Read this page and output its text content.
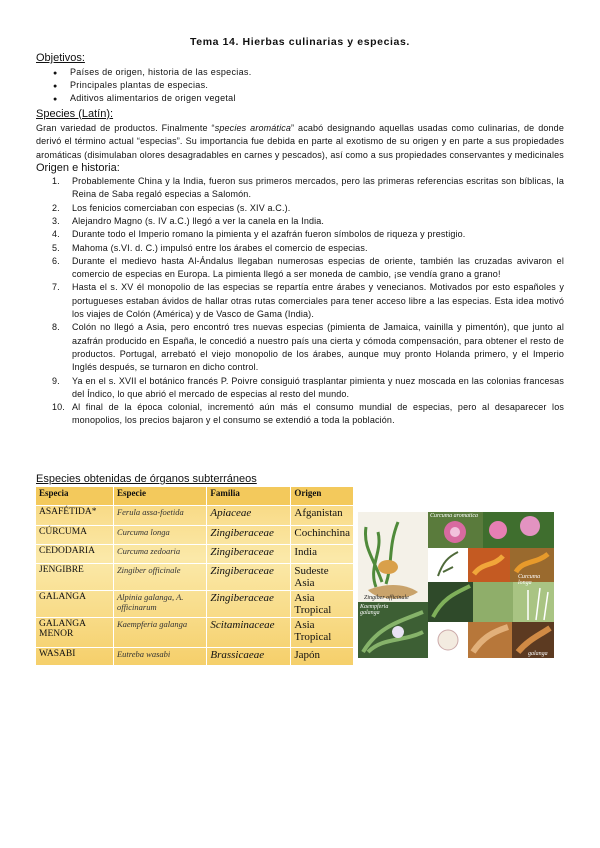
Tema 14. Hierbas culinarias y especias.

Objetivos:

● Países de origen, historia de las especias.
● Principales plantas de especias.
● Aditivos alimentarios de origen vegetal

Species (Latín):

Gran variedad de productos. Finalmente “species aromática” acabó designando aquellas usadas como culinarias, de donde derivó el término actual “especias”. Su importancia fue debida en parte al exotismo de su origen y en parte a sus propiedades aromáticas (disimulaban olores desagradables en carnes y pescados), así como a sus propiedades conservantes y medicinales

Origen e historia:

1. Probablemente China y la India, fueron sus primeros mercados, pero las primeras referencias escritas son bíblicas, la Reina de Saba regaló especias a Salomón.
2. Los fenicios comerciaban con especias (s. XIV a.C.).
3. Alejandro Magno (s. IV a.C.) llegó a ver la canela en la India.
4. Durante todo el Imperio romano la pimienta y el azafrán fueron símbolos de riqueza y prestigio.
5. Mahoma (s.VI. d. C.) impulsó entre los árabes el comercio de especias.
6. Durante el medievo hasta Al-Ándalus llegaban numerosas especias de oriente, también las cruzadas avivaron el comercio de especias en Europa. La pimienta llegó a ser moneda de cambio, ¡se vendía grano a grano!
7. Hasta el s. XV él monopolio de las especias se repartía entre árabes y venecianos. Motivados por esto españoles y portugueses estaban ávidos de hallar otras rutas comerciales para tener acceso libre a las especias. Esta idea motivó los viajes de Colón (América) y de Vasco de Gama (India).
8. Colón no llegó a Asia, pero encontró tres nuevas especias (pimienta de Jamaica, vainilla y pimentón), que junto al azafrán producido en España, le concedió a nuestro país una cierta y cómoda compensación, para obtener el resto de productos. Portugal, arrebató el viejo monopolio de los árabes, aunque muy pronto Holanda primero, y el Imperio Inglés después, se turnaron en dicho control.
9. Ya en el s. XVII el botánico francés P. Poivre consiguió trasplantar pimienta y nuez moscada en las colonias francesas del Índico, lo que abrió el mercado de especias al resto del mundo.
10. Al final de la época colonial, incrementó aún más el consumo mundial de especias, pero al desaparecer los monopolios, los precios bajaron y el consumo se extendió a toda la población.

Especies obtenidas de órganos subterráneos

Especia	Especie	Familia	Origen
ASAFÉTIDA*	Ferula assa-foetida	Apiaceae	Afganistan
CÚRCUMA	Curcuma longa	Zingiberaceae	Cochinchina
CEDODARIA	Curcuma zedoaria	Zingiberaceae	India
JENGIBRE	Zingiber officinale	Zingiberaceae	Sudeste Asia
GALANGA	Alpinia galanga, A. officinarum	Zingiberaceae	Asia Tropical
GALANGA MENOR	Kaempferia galanga	Scitaminaceae	Asia Tropical
WASABI	Eutreba wasabi	Brassicaeae	Japón
Zingiber officinale
Curcuma aromatica
Curcuma longa
Kaempferia galanga
galanga
